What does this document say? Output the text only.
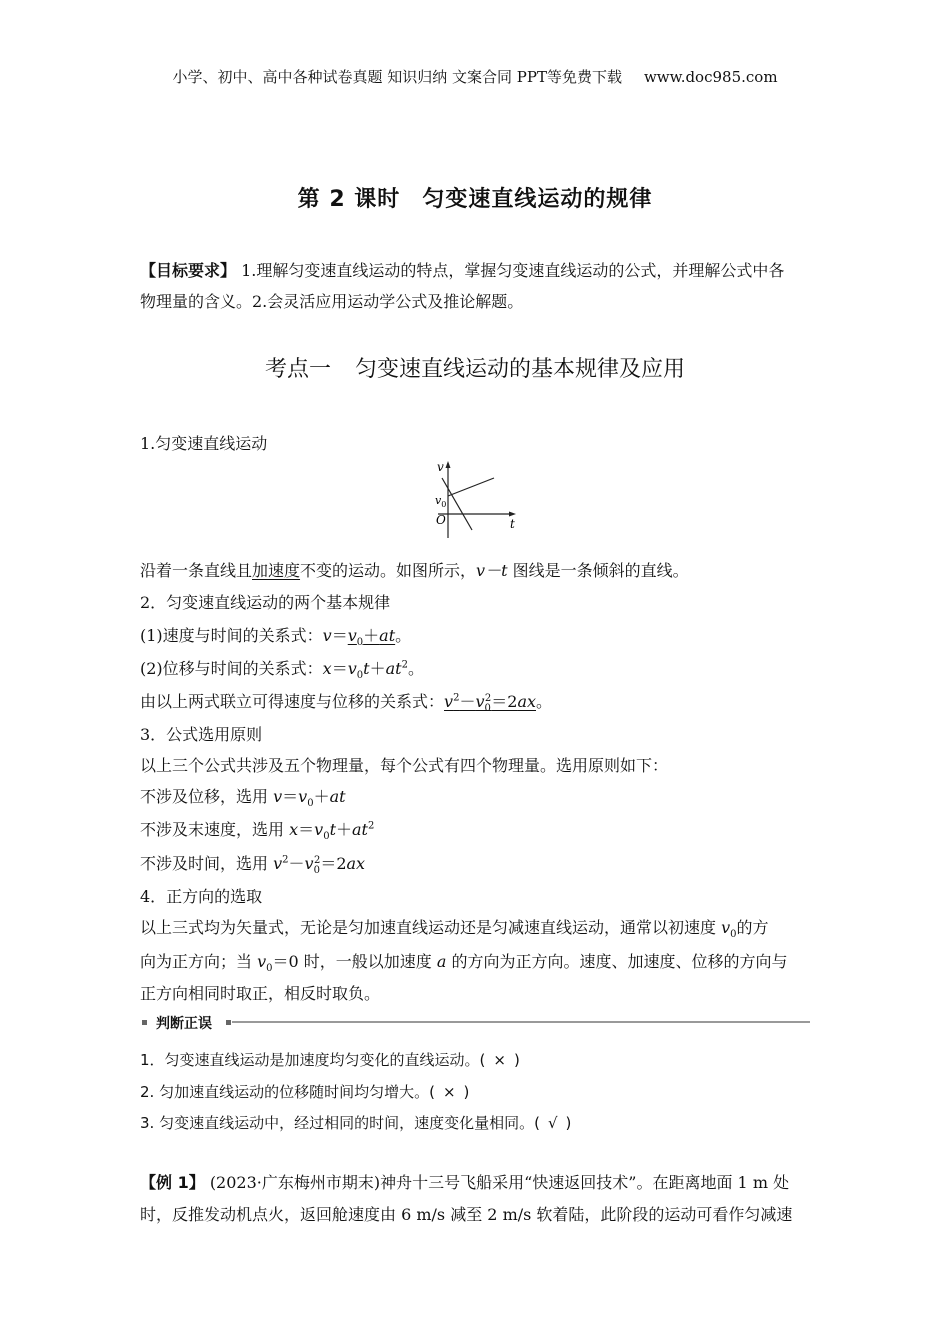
小学、初中、高中各种试卷真题 知识归纳 文案合同 PPT等免费下载 www.doc985.com
第 2 课时 匀变速直线运动的规律
【目标要求】 1.理解匀变速直线运动的特点，掌握匀变速直线运动的公式，并理解公式中各
物理量的含义。2.会灵活应用运动学公式及推论解题。
考点一 匀变速直线运动的基本规律及应用
1.匀变速直线运动
v
$v_0$
O	t
沿着一条直线且加速度不变的运动。如图所示，v－t 图线是一条倾斜的直线。
2．匀变速直线运动的两个基本规律
(1)速度与时间的关系式：$v=v_0+at$。
(2)位移与时间的关系式：$x=v_0t+at^2$。
由以上两式联立可得速度与位移的关系式：$v^2-v_0^2=2ax$。
3．公式选用原则
以上三个公式共涉及五个物理量，每个公式有四个物理量。选用原则如下：
不涉及位移，选用 $v=v_0+at$
不涉及末速度，选用 $x=v_0t+at^2$
不涉及时间，选用 $v^2-v_0^2=2ax$
4．正方向的选取
以上三式均为矢量式，无论是匀加速直线运动还是匀减速直线运动，通常以初速度 $v_0$的方
向为正方向；当 $v_0=0$ 时，一般以加速度 a 的方向为正方向。速度、加速度、位移的方向与
正方向相同时取正，相反时取负。
判断正误
1．匀变速直线运动是加速度均匀变化的直线运动。( × )
2. 匀加速直线运动的位移随时间均匀增大。( × )
3. 匀变速直线运动中，经过相同的时间，速度变化量相同。( √ )
【例 1】 (2023·广东梅州市期末)神舟十三号飞船采用“快速返回技术”。在距离地面 1 m 处
时，反推发动机点火，返回舱速度由 6 m/s 减至 2 m/s 软着陆，此阶段的运动可看作匀减速
